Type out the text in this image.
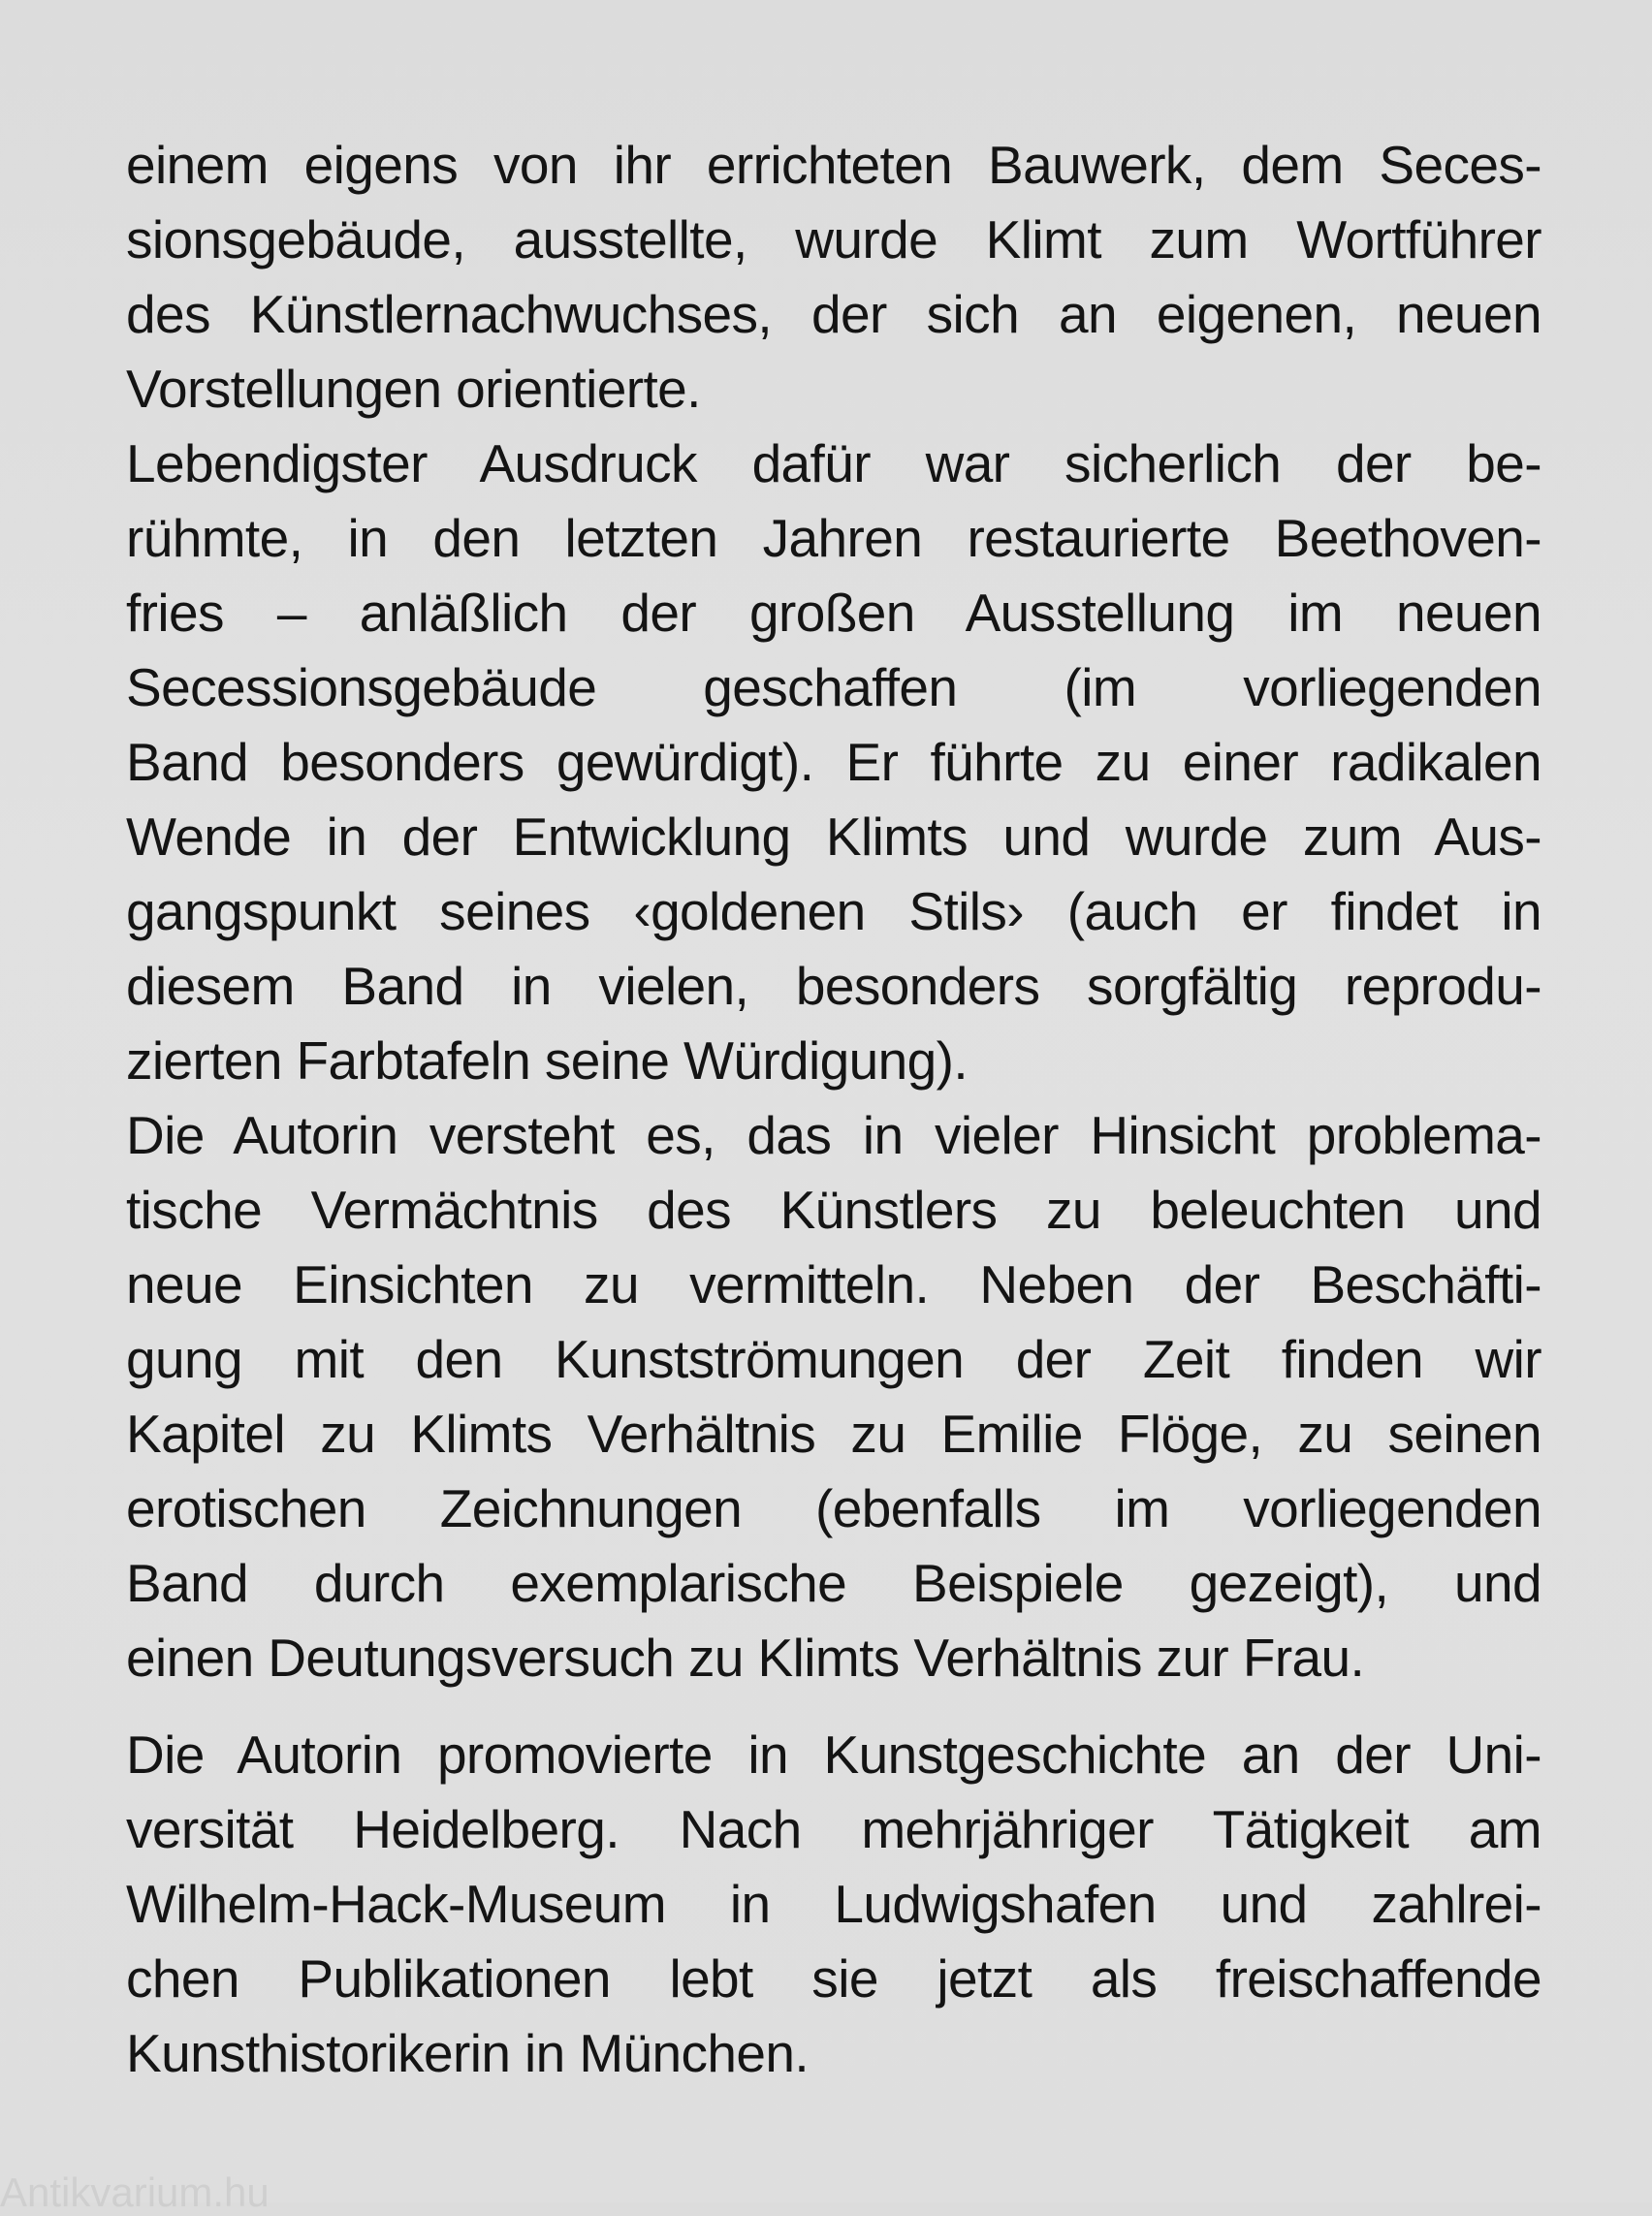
einem eigens von ihr errichteten Bauwerk, dem Seces-
sionsgebäude, ausstellte, wurde Klimt zum Wortführer
des Künstlernachwuchses, der sich an eigenen, neuen
Vorstellungen orientierte.
Lebendigster Ausdruck dafür war sicherlich der be-
rühmte, in den letzten Jahren restaurierte Beethoven-
fries – anläßlich der großen Ausstellung im neuen
Secessionsgebäude geschaffen (im vorliegenden
Band besonders gewürdigt). Er führte zu einer radikalen
Wende in der Entwicklung Klimts und wurde zum Aus-
gangspunkt seines ‹goldenen Stils› (auch er findet in
diesem Band in vielen, besonders sorgfältig reprodu-
zierten Farbtafeln seine Würdigung).
Die Autorin versteht es, das in vieler Hinsicht problema-
tische Vermächtnis des Künstlers zu beleuchten und
neue Einsichten zu vermitteln. Neben der Beschäfti-
gung mit den Kunstströmungen der Zeit finden wir
Kapitel zu Klimts Verhältnis zu Emilie Flöge, zu seinen
erotischen Zeichnungen (ebenfalls im vorliegenden
Band durch exemplarische Beispiele gezeigt), und
einen Deutungsversuch zu Klimts Verhältnis zur Frau.
Die Autorin promovierte in Kunstgeschichte an der Uni-
versität Heidelberg. Nach mehrjähriger Tätigkeit am
Wilhelm-Hack-Museum in Ludwigshafen und zahlrei-
chen Publikationen lebt sie jetzt als freischaffende
Kunsthistorikerin in München.
Antikvarium.hu
